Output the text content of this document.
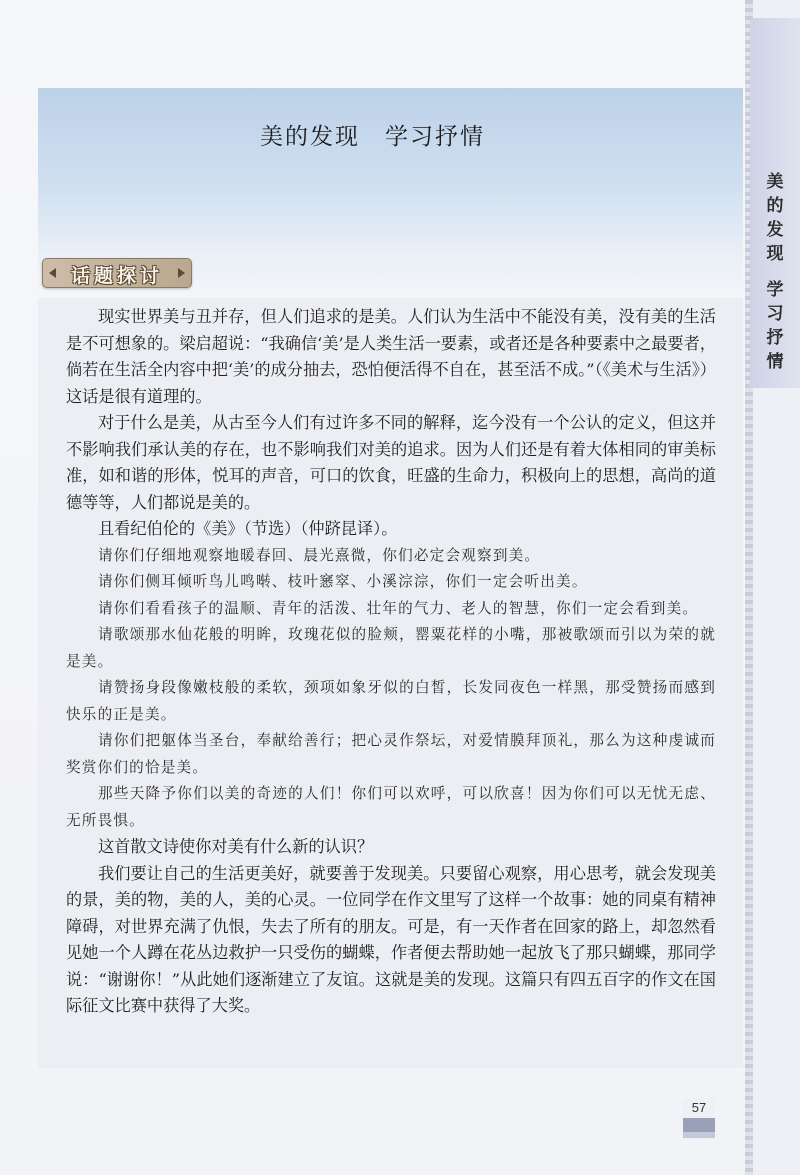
美的发现
学习抒情
美的发现　学习抒情
话题探讨

现实世界美与丑并存，但人们追求的是美。人们认为生活中不能没有美，没有美的生活是不可想象的。梁启超说：“我确信‘美’是人类生活一要素，或者还是各种要素中之最要者，倘若在生活全内容中把‘美’的成分抽去，恐怕便活得不自在，甚至活不成。”（《美术与生活》）这话是很有道理的。

对于什么是美，从古至今人们有过许多不同的解释，迄今没有一个公认的定义，但这并不影响我们承认美的存在，也不影响我们对美的追求。因为人们还是有着大体相同的审美标准，如和谐的形体，悦耳的声音，可口的饮食，旺盛的生命力，积极向上的思想，高尚的道德等等，人们都说是美的。

且看纪伯伦的《美》（节选）（仲跻昆译）。

请你们仔细地观察地暖春回、晨光熹微，你们必定会观察到美。

请你们侧耳倾听鸟儿鸣啭、枝叶窸窣、小溪淙淙，你们一定会听出美。

请你们看看孩子的温顺、青年的活泼、壮年的气力、老人的智慧，你们一定会看到美。

请歌颂那水仙花般的明眸，玫瑰花似的脸颊，罂粟花样的小嘴，那被歌颂而引以为荣的就是美。

请赞扬身段像嫩枝般的柔软，颈项如象牙似的白皙，长发同夜色一样黑，那受赞扬而感到快乐的正是美。

请你们把躯体当圣台，奉献给善行；把心灵作祭坛，对爱情膜拜顶礼，那么为这种虔诚而奖赏你们的恰是美。

那些天降予你们以美的奇迹的人们！你们可以欢呼，可以欣喜！因为你们可以无忧无虑、无所畏惧。

这首散文诗使你对美有什么新的认识？

我们要让自己的生活更美好，就要善于发现美。只要留心观察，用心思考，就会发现美的景，美的物，美的人，美的心灵。一位同学在作文里写了这样一个故事：她的同桌有精神障碍，对世界充满了仇恨，失去了所有的朋友。可是，有一天作者在回家的路上，却忽然看见她一个人蹲在花丛边救护一只受伤的蝴蝶，作者便去帮助她一起放飞了那只蝴蝶，那同学说：“谢谢你！”从此她们逐渐建立了友谊。这就是美的发现。这篇只有四五百字的作文在国际征文比赛中获得了大奖。

57
